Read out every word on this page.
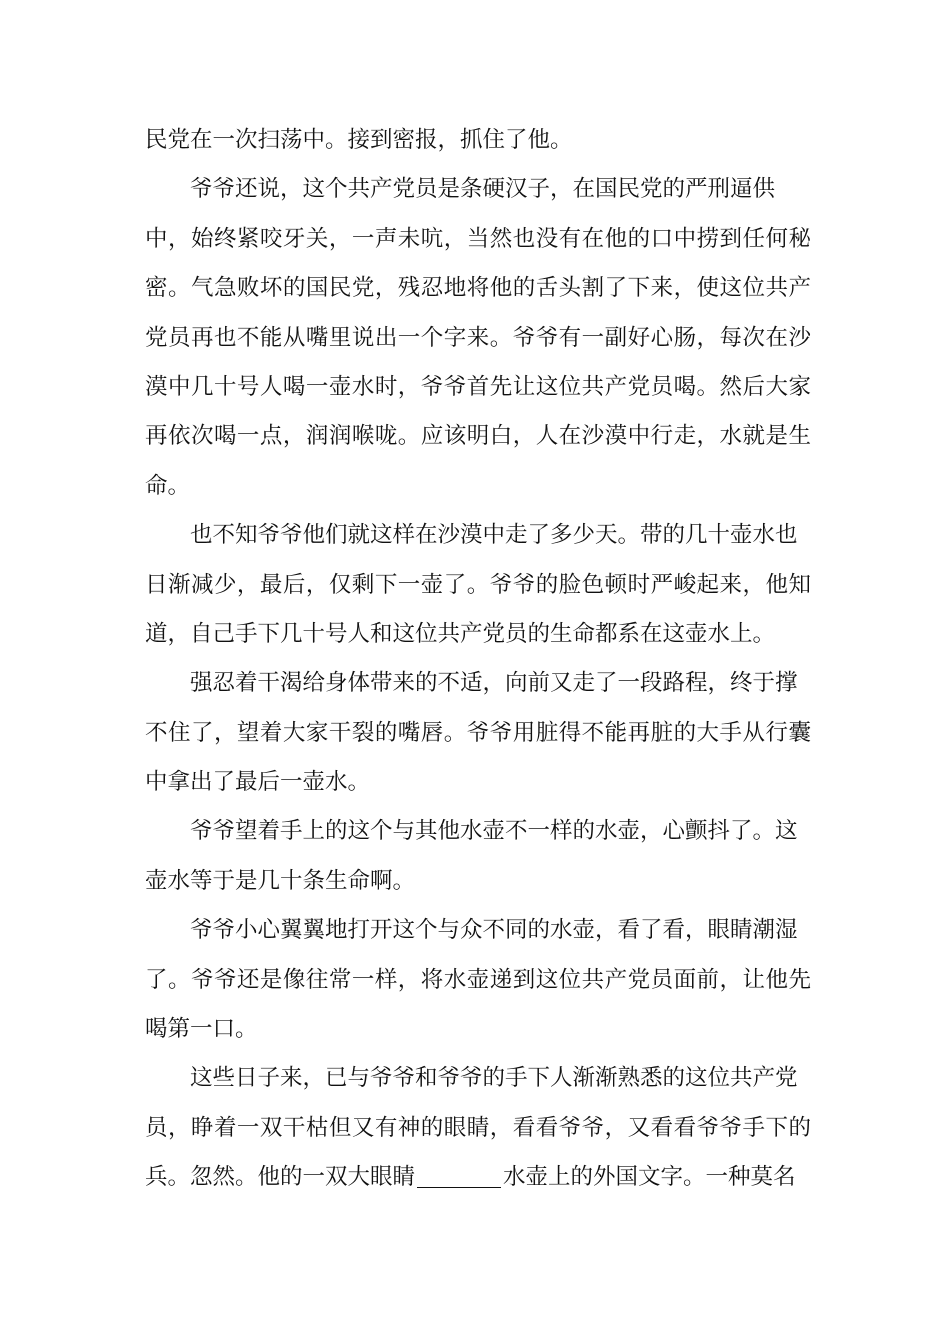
民党在一次扫荡中。接到密报，抓住了他。
爷爷还说，这个共产党员是条硬汉子，在国民党的严刑逼供
中，始终紧咬牙关，一声未吭，当然也没有在他的口中捞到任何秘
密。气急败坏的国民党，残忍地将他的舌头割了下来，使这位共产
党员再也不能从嘴里说出一个字来。爷爷有一副好心肠，每次在沙
漠中几十号人喝一壶水时，爷爷首先让这位共产党员喝。然后大家
再依次喝一点，润润喉咙。应该明白，人在沙漠中行走，水就是生
命。
也不知爷爷他们就这样在沙漠中走了多少天。带的几十壶水也
日渐减少，最后，仅剩下一壶了。爷爷的脸色顿时严峻起来，他知
道，自己手下几十号人和这位共产党员的生命都系在这壶水上。
强忍着干渴给身体带来的不适，向前又走了一段路程，终于撑
不住了，望着大家干裂的嘴唇。爷爷用脏得不能再脏的大手从行囊
中拿出了最后一壶水。
爷爷望着手上的这个与其他水壶不一样的水壶，心颤抖了。这
壶水等于是几十条生命啊。
爷爷小心翼翼地打开这个与众不同的水壶，看了看，眼睛潮湿
了。爷爷还是像往常一样，将水壶递到这位共产党员面前，让他先
喝第一口。
这些日子来，已与爷爷和爷爷的手下人渐渐熟悉的这位共产党
员，睁着一双干枯但又有神的眼睛，看看爷爷，又看看爷爷手下的
兵。忽然。他的一双大眼睛	水壶上的外国文字。一种莫名
